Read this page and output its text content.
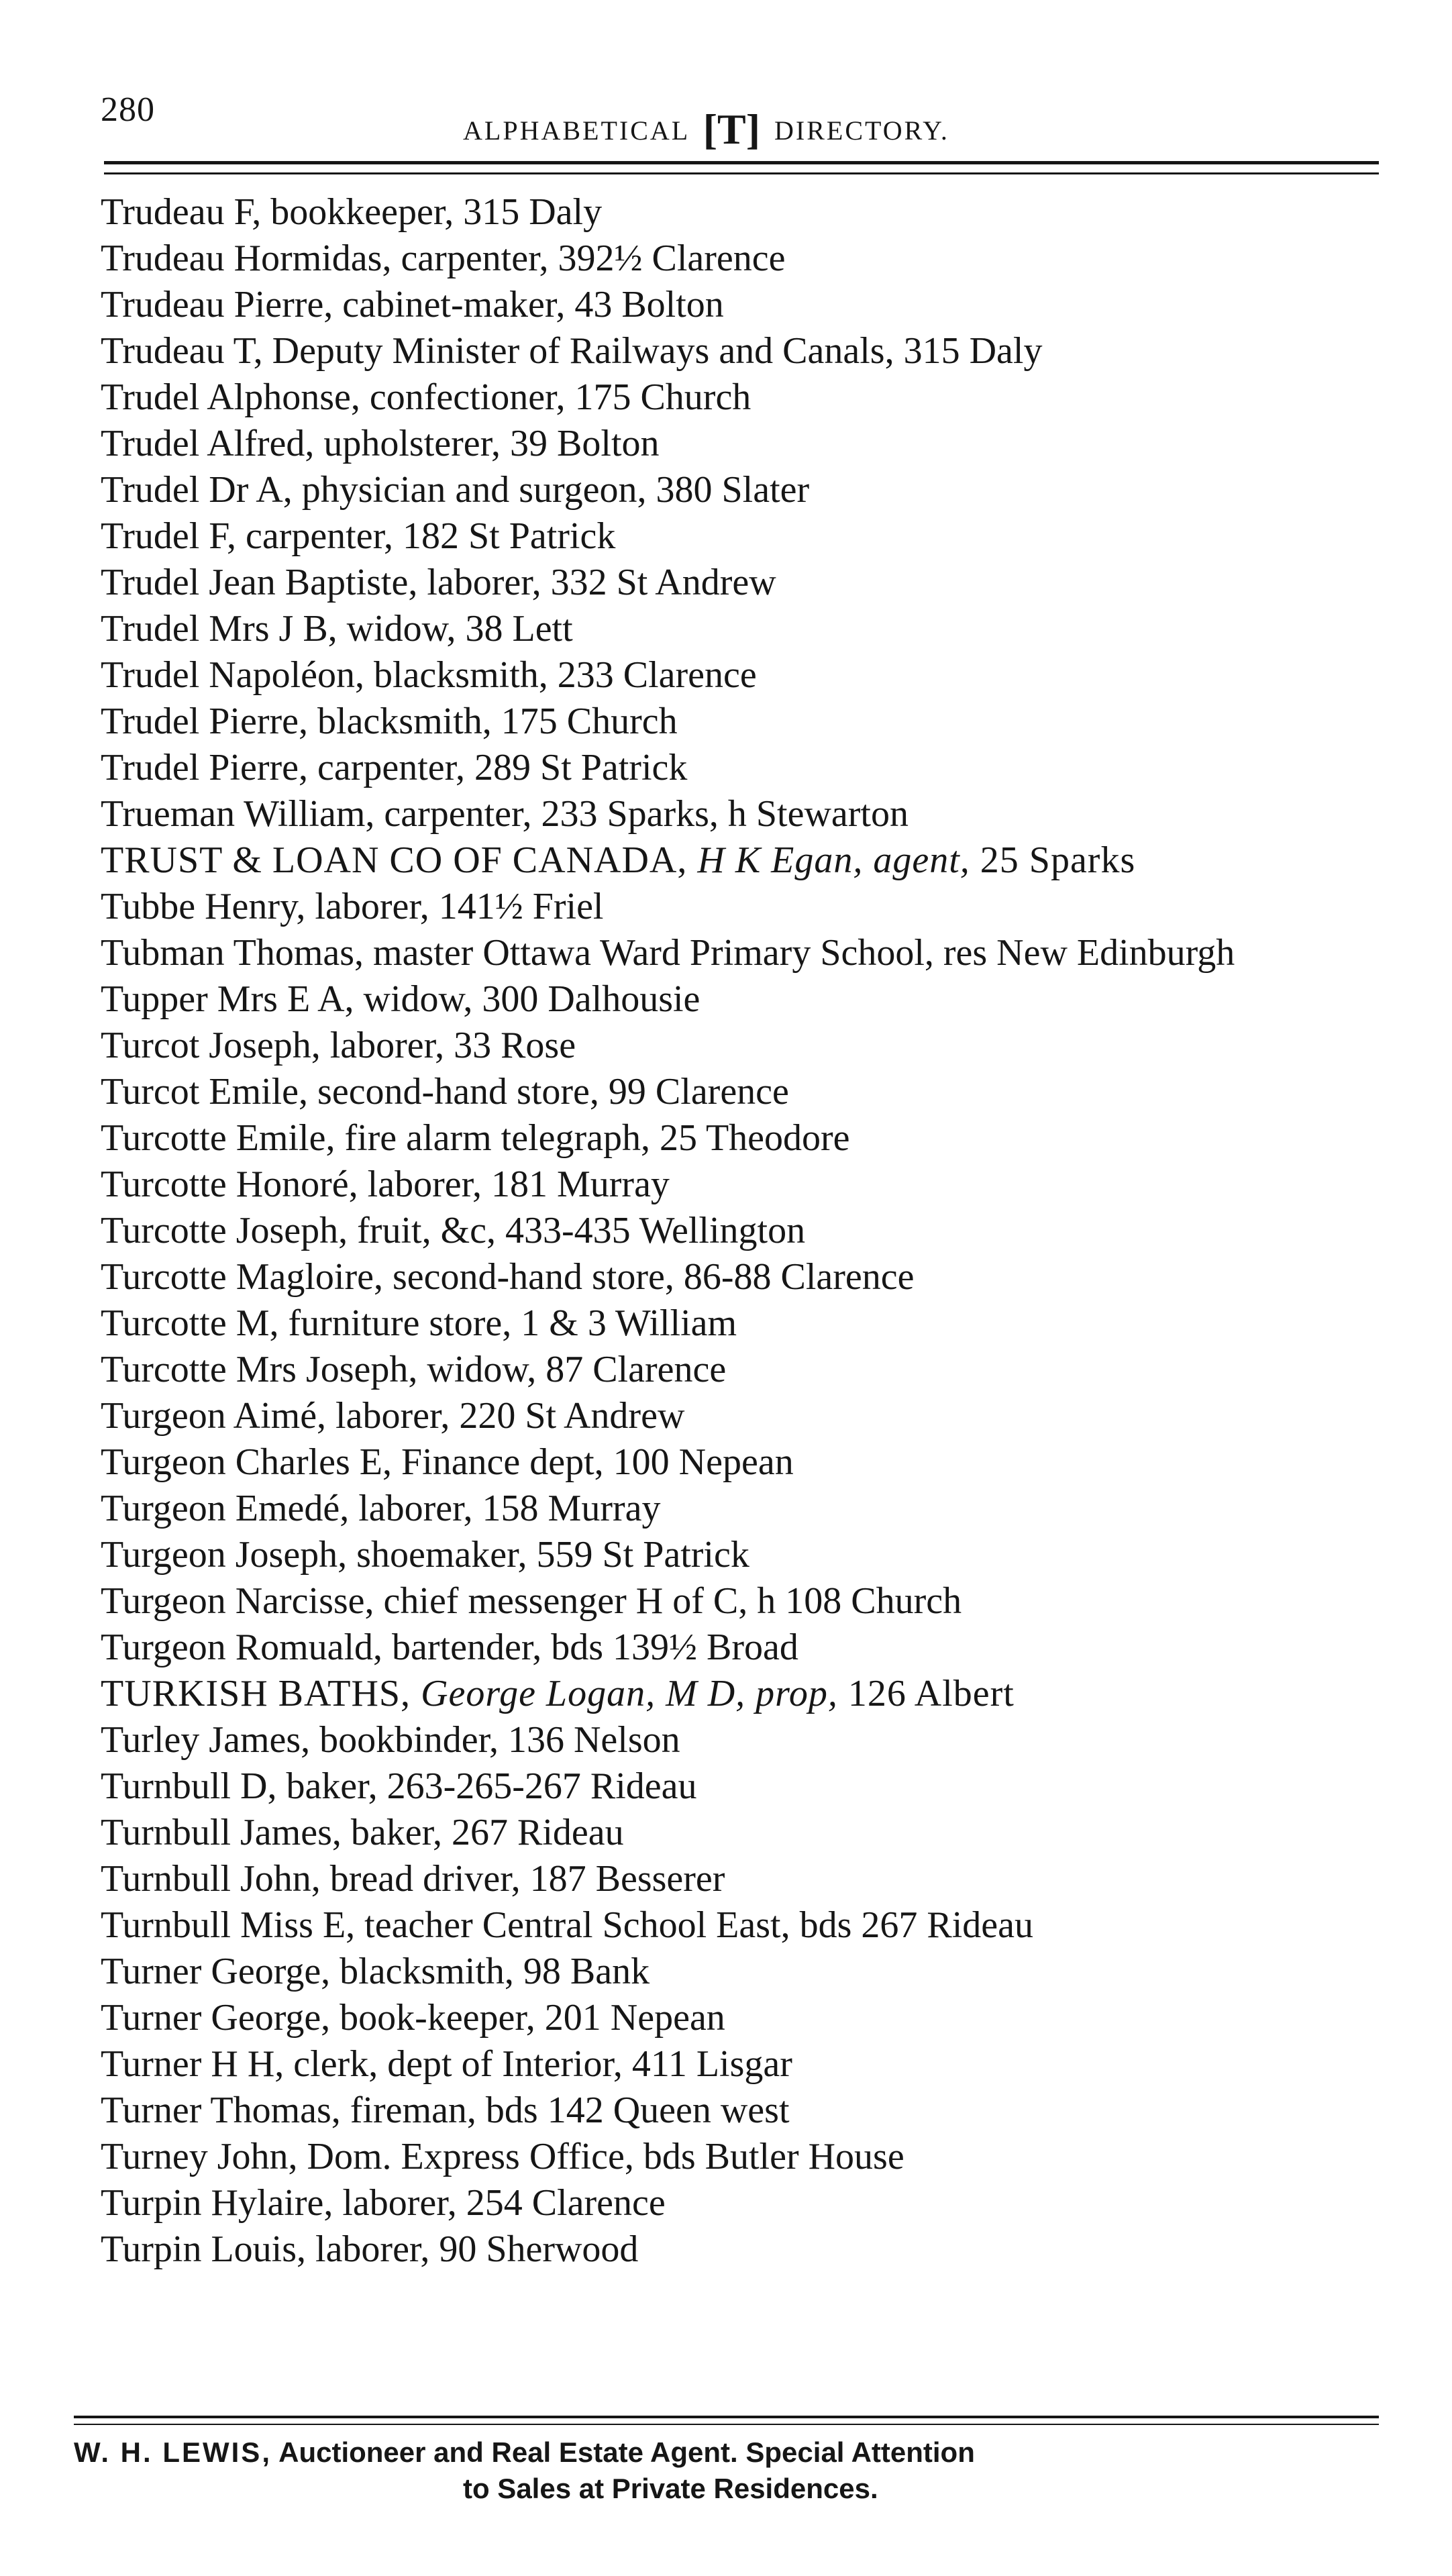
280
ALPHABETICAL [T] DIRECTORY.
Trudeau F, bookkeeper, 315 Daly
Trudeau Hormidas, carpenter, 392½ Clarence
Trudeau Pierre, cabinet-maker, 43 Bolton
Trudeau T, Deputy Minister of Railways and Canals, 315 Daly
Trudel Alphonse, confectioner, 175 Church
Trudel Alfred, upholsterer, 39 Bolton
Trudel Dr A, physician and surgeon, 380 Slater
Trudel F, carpenter, 182 St Patrick
Trudel Jean Baptiste, laborer, 332 St Andrew
Trudel Mrs J B, widow, 38 Lett
Trudel Napoléon, blacksmith, 233 Clarence
Trudel Pierre, blacksmith, 175 Church
Trudel Pierre, carpenter, 289 St Patrick
Trueman William, carpenter, 233 Sparks, h Stewarton
TRUST & LOAN CO OF CANADA, H K Egan, agent, 25 Sparks
Tubbe Henry, laborer, 141½ Friel
Tubman Thomas, master Ottawa Ward Primary School, res New Edinburgh
Tupper Mrs E A, widow, 300 Dalhousie
Turcot Joseph, laborer, 33 Rose
Turcot Emile, second-hand store, 99 Clarence
Turcotte Emile, fire alarm telegraph, 25 Theodore
Turcotte Honoré, laborer, 181 Murray
Turcotte Joseph, fruit, &c, 433-435 Wellington
Turcotte Magloire, second-hand store, 86-88 Clarence
Turcotte M, furniture store, 1 & 3 William
Turcotte Mrs Joseph, widow, 87 Clarence
Turgeon Aimé, laborer, 220 St Andrew
Turgeon Charles E, Finance dept, 100 Nepean
Turgeon Emedé, laborer, 158 Murray
Turgeon Joseph, shoemaker, 559 St Patrick
Turgeon Narcisse, chief messenger H of C, h 108 Church
Turgeon Romuald, bartender, bds 139½ Broad
TURKISH BATHS, George Logan, M D, prop, 126 Albert
Turley James, bookbinder, 136 Nelson
Turnbull D, baker, 263-265-267 Rideau
Turnbull James, baker, 267 Rideau
Turnbull John, bread driver, 187 Besserer
Turnbull Miss E, teacher Central School East, bds 267 Rideau
Turner George, blacksmith, 98 Bank
Turner George, book-keeper, 201 Nepean
Turner H H, clerk, dept of Interior, 411 Lisgar
Turner Thomas, fireman, bds 142 Queen west
Turney John, Dom. Express Office, bds Butler House
Turpin Hylaire, laborer, 254 Clarence
Turpin Louis, laborer, 90 Sherwood
W. H. LEWIS, Auctioneer and Real Estate Agent. Special Attention
to Sales at Private Residences.
